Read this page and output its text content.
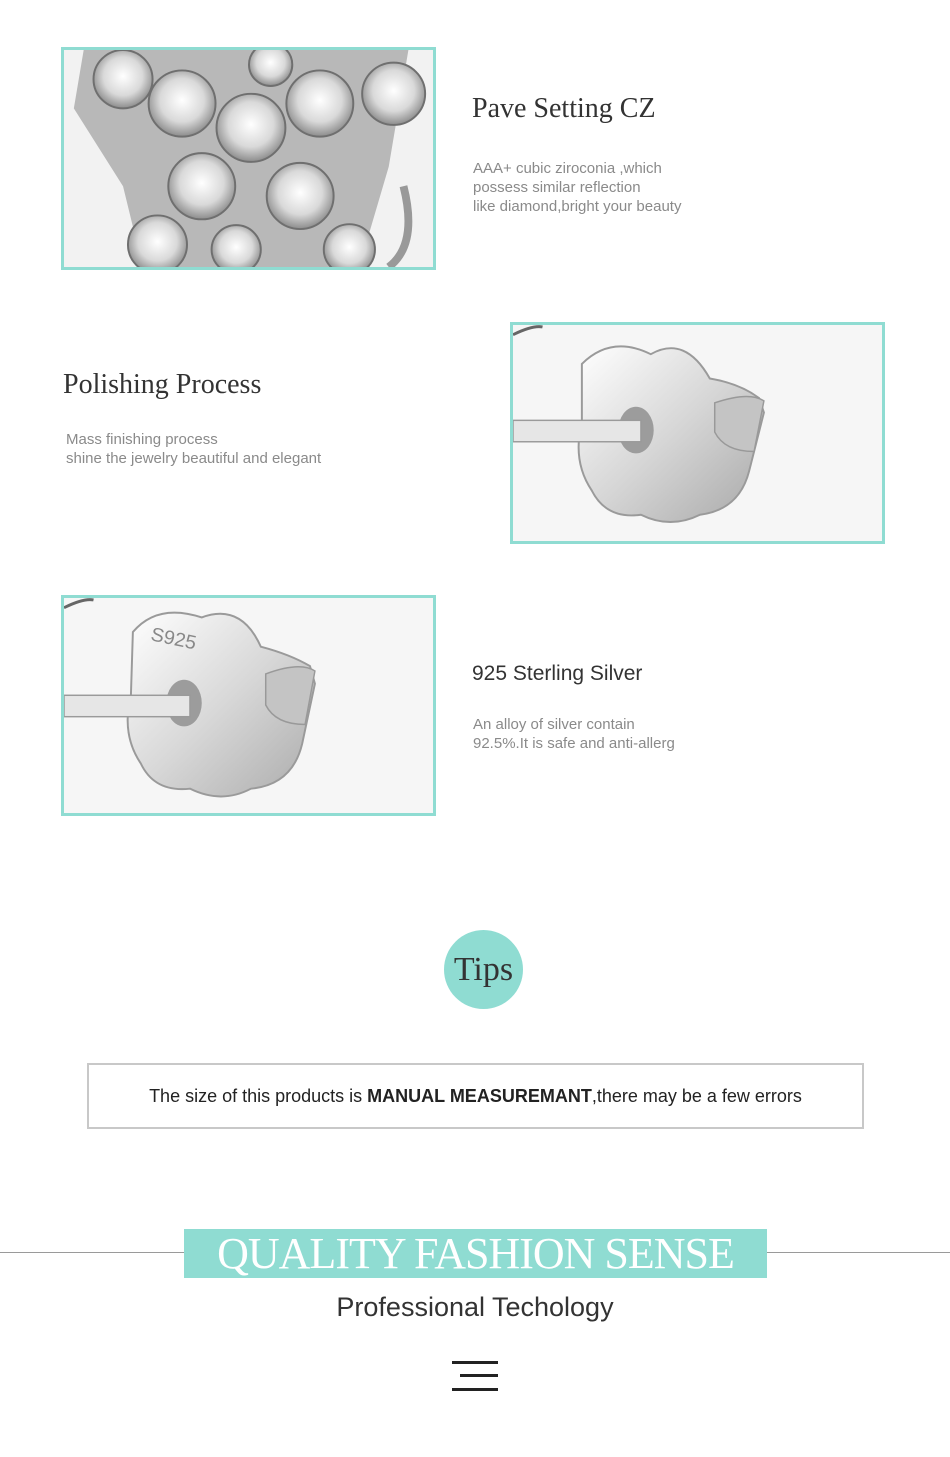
Pave Setting CZ
AAA+ cubic ziroconia ,which
possess similar reflection
like diamond,bright your beauty
Polishing Process
Mass finishing process
shine the jewelry beautiful and elegant
S925
925 Sterling Silver
An alloy of silver contain
92.5%.It is safe and anti-allerg
Tips
The size of this products is MANUAL MEASUREMANT ,there may be a few errors
QUALITY FASHION SENSE
Professional Techology
